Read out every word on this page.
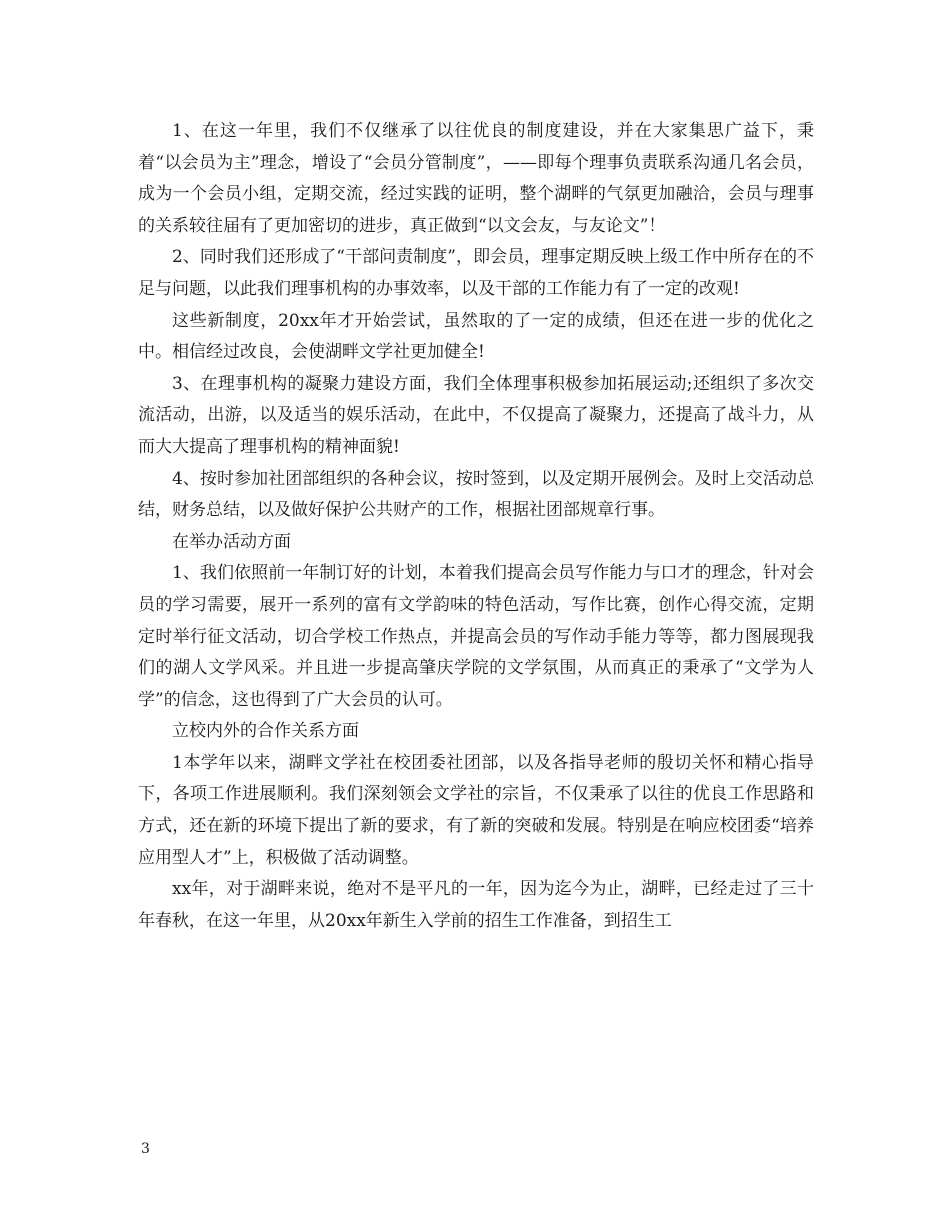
1、在这一年里，我们不仅继承了以往优良的制度建设，并在大家集思广益下，秉着“以会员为主”理念，增设了“会员分管制度”，——即每个理事负责联系沟通几名会员，成为一个会员小组，定期交流，经过实践的证明，整个湖畔的气氛更加融洽，会员与理事的关系较往届有了更加密切的进步，真正做到“以文会友，与友论文”！

2、同时我们还形成了“干部问责制度”，即会员，理事定期反映上级工作中所存在的不足与问题，以此我们理事机构的办事效率，以及干部的工作能力有了一定的改观!

这些新制度，20xx年才开始尝试，虽然取的了一定的成绩，但还在进一步的优化之中。相信经过改良，会使湖畔文学社更加健全!

3、在理事机构的凝聚力建设方面，我们全体理事积极参加拓展运动;还组织了多次交流活动，出游，以及适当的娱乐活动，在此中，不仅提高了凝聚力，还提高了战斗力，从而大大提高了理事机构的精神面貌!

4、按时参加社团部组织的各种会议，按时签到，以及定期开展例会。及时上交活动总结，财务总结，以及做好保护公共财产的工作，根据社团部规章行事。

在举办活动方面

1、我们依照前一年制订好的计划，本着我们提高会员写作能力与口才的理念，针对会员的学习需要，展开一系列的富有文学韵味的特色活动，写作比赛，创作心得交流，定期定时举行征文活动，切合学校工作热点，并提高会员的写作动手能力等等，都力图展现我们的湖人文学风采。并且进一步提高肇庆学院的文学氛围，从而真正的秉承了“文学为人学”的信念，这也得到了广大会员的认可。

立校内外的合作关系方面

1本学年以来，湖畔文学社在校团委社团部，以及各指导老师的殷切关怀和精心指导下，各项工作进展顺利。我们深刻领会文学社的宗旨，不仅秉承了以往的优良工作思路和方式，还在新的环境下提出了新的要求，有了新的突破和发展。特别是在响应校团委“培养应用型人才”上，积极做了活动调整。

xx年，对于湖畔来说，绝对不是平凡的一年，因为迄今为止，湖畔，已经走过了三十年春秋，在这一年里，从20xx年新生入学前的招生工作准备，到招生工

3
